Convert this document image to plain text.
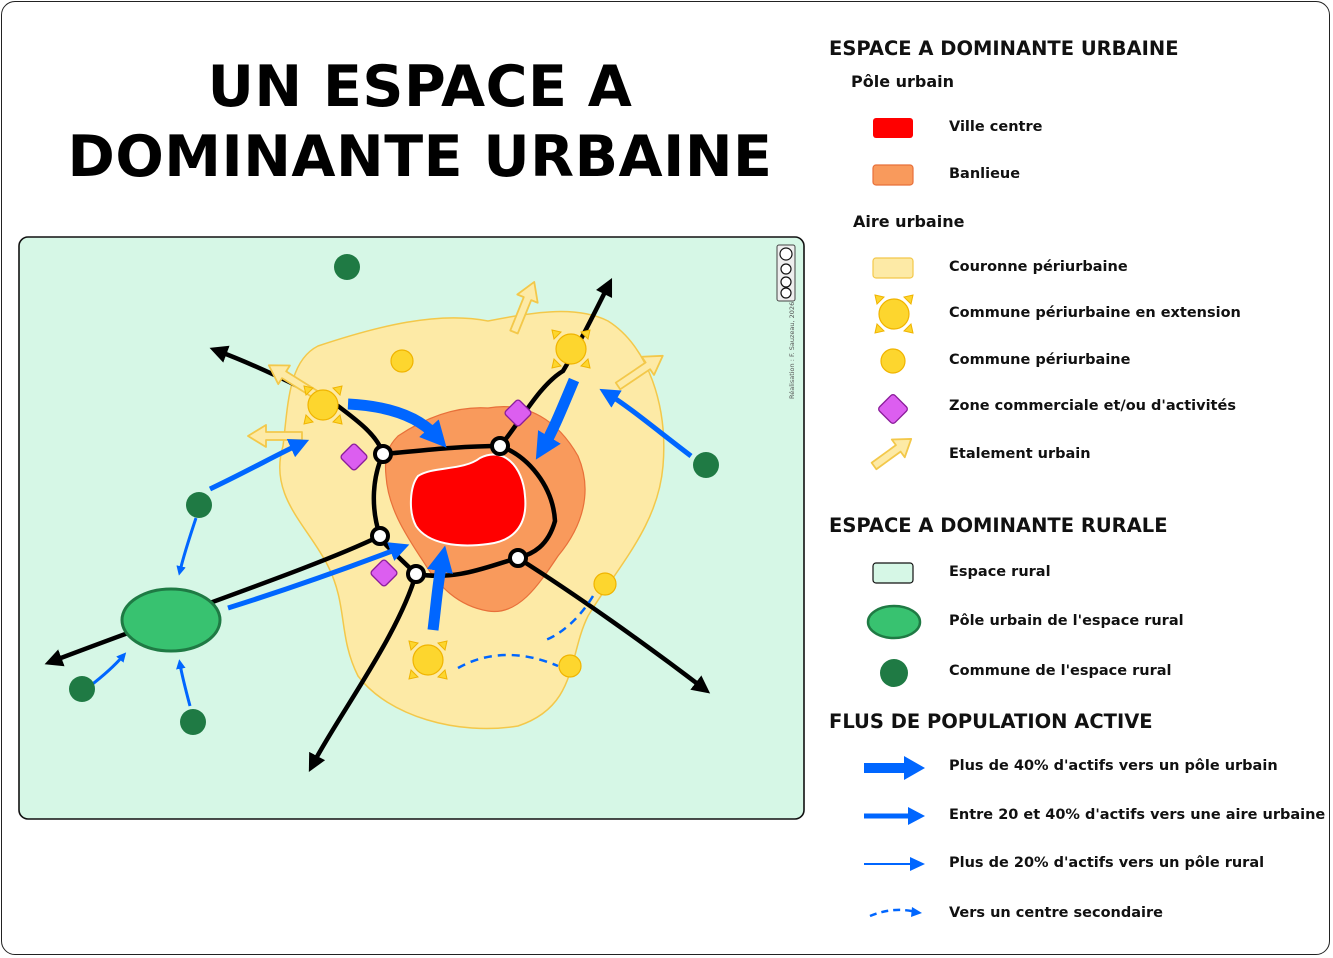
UN ESPACE A DOMINANTE URBAINE
Réalisation : F. Sauzeau, 2026
ESPACE A DOMINANTE URBAINE
Pôle urbain
Ville centre
Banlieue
Aire urbaine
Couronne périurbaine
Commune périurbaine en extension
Commune périurbaine
Zone commerciale et/ou d'activités
Etalement urbain
ESPACE A DOMINANTE RURALE
Espace rural
Pôle urbain de l'espace rural
Commune de l'espace rural
FLUS DE POPULATION ACTIVE
Plus de 40% d'actifs vers un pôle urbain
Entre 20 et 40% d'actifs vers une aire urbaine
Plus de 20% d'actifs vers un pôle rural
Vers un centre secondaire
